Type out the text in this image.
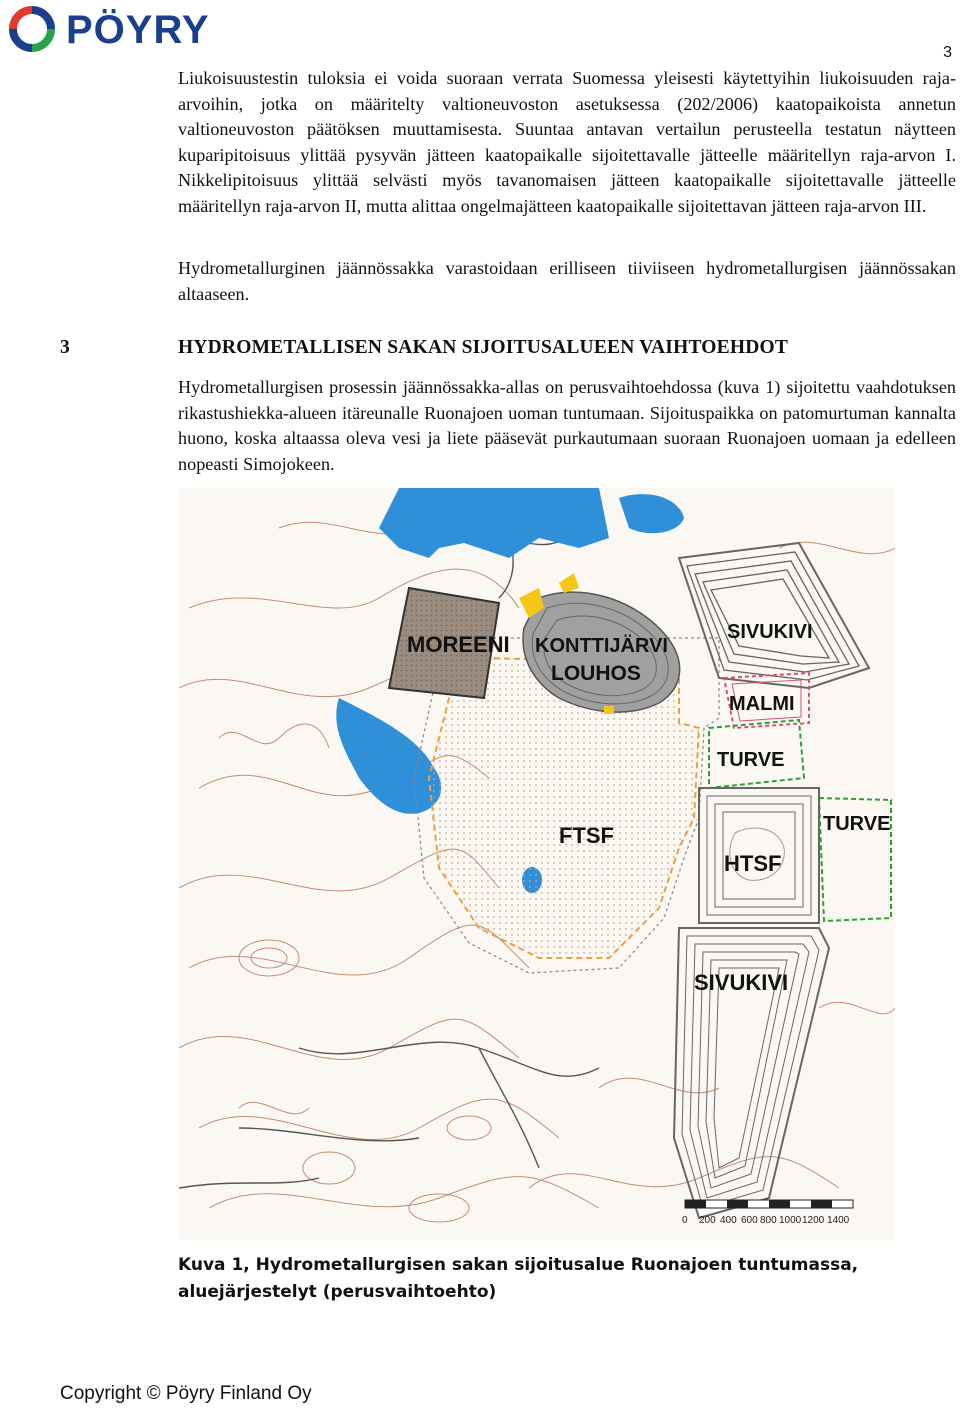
PÖYRY
3

Liukoisuustestin tuloksia ei voida suoraan verrata Suomessa yleisesti käytettyihin liukoisuuden raja-arvoihin, jotka on määritelty valtioneuvoston asetuksessa (202/2006) kaatopaikoista annetun valtioneuvoston päätöksen muuttamisesta. Suuntaa antavan vertailun perusteella testatun näytteen kuparipitoisuus ylittää pysyvän jätteen kaatopaikalle sijoitettavalle jätteelle määritellyn raja-arvon I. Nikkelipitoisuus ylittää selvästi myös tavanomaisen jätteen kaatopaikalle sijoitettavalle jätteelle määritellyn raja-arvon II, mutta alittaa ongelmajätteen kaatopaikalle sijoitettavan jätteen raja-arvon III.

Hydrometallurginen jäännössakka varastoidaan erilliseen tiiviiseen hydrometallurgisen jäännössakan altaaseen.

3	HYDROMETALLISEN SAKAN SIJOITUSALUEEN VAIHTOEHDOT

Hydrometallurgisen prosessin jäännössakka-allas on perusvaihtoehdossa (kuva 1) sijoitettu vaahdotuksen rikastushiekka-alueen itäreunalle Ruonajoen uoman tuntumaan. Sijoituspaikka on patomurtuman kannalta huono, koska altaassa oleva vesi ja liete pääsevät purkautumaan suoraan Ruonajoen uomaan ja edelleen nopeasti Simojokeen.

MOREENI KONTTIJÄRVI
LOUHOS
SIVUKIVI
MALMI
TURVE
TURVE
FTSF
HTSF
SIVUKIVI
0 200 400 600 800 1000 1200 1400

Kuva 1, Hydrometallurgisen sakan sijoitusalue Ruonajoen tuntumassa, aluejärjestelyt (perusvaihtoehto)

Copyright © Pöyry Finland Oy
